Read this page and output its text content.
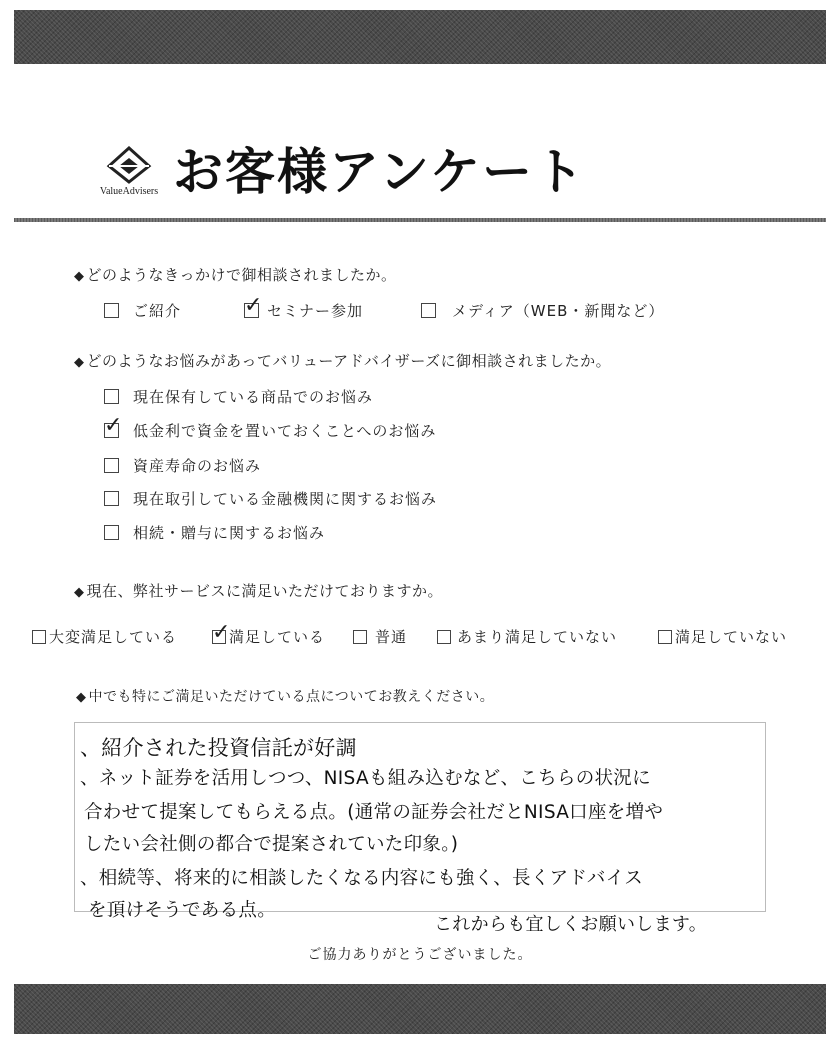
ValueAdvisers お客様アンケート
◆ どのようなきっかけで御相談されましたか。
ご紹介	✓ セミナー参加	メディア（WEB・新聞など）
◆ どのようなお悩みがあってバリューアドバイザーズに御相談されましたか。
現在保有している商品でのお悩み
✓ 低金利で資金を置いておくことへのお悩み
資産寿命のお悩み
現在取引している金融機関に関するお悩み
相続・贈与に関するお悩み
◆ 現在、弊社サービスに満足いただけておりますか。
大変満足している ✓
満足している	普通	あまり満足していない	満足していない
◆ 中でも特にご満足いただけている点についてお教えください。
、紹介された投資信託が好調
、ネット証券を活用しつつ、NISAも組み込むなど、こちらの状況に
合わせて提案してもらえる点。(通常の証券会社だとNISA口座を増や
したい会社側の都合で提案されていた印象。)
、相続等、将来的に相談したくなる内容にも強く、長くアドバイス
を頂けそうである点。
これからも宜しくお願いします。
ご協力ありがとうございました。
